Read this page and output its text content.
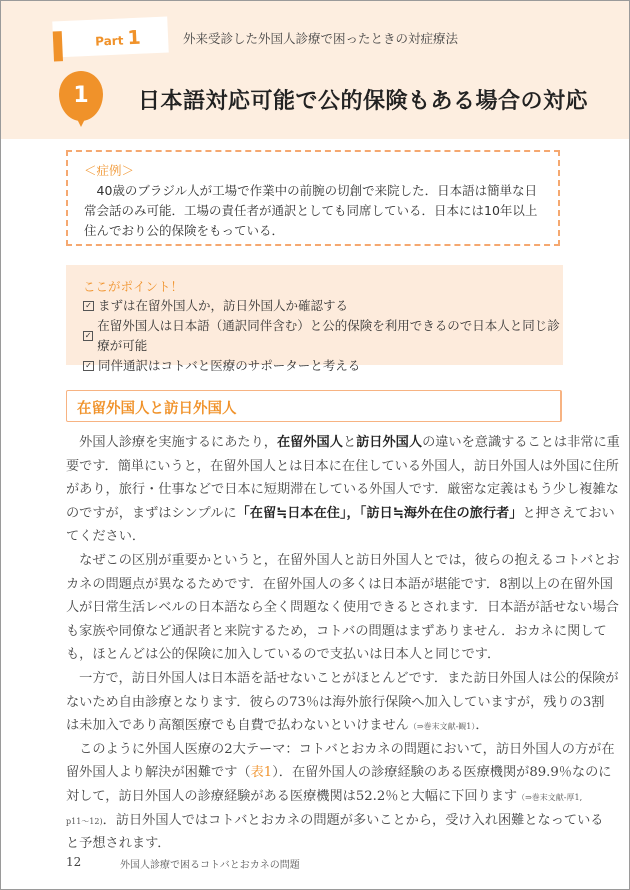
Part 1	外来受診した外国人診療で困ったときの対症療法
1	日本語対応可能で公的保険もある場合の対応
＜症例＞
　40歳のブラジル人が工場で作業中の前腕の切創で来院した．日本語は簡単な日常会話のみ可能．工場の責任者が通訳としても同席している．日本には10年以上住んでおり公的保険をもっている．
ここがポイント！
✓ まずは在留外国人か，訪日外国人か確認する
✓
在留外国人は日本語（通訳同伴含む）と公的保険を利用できるので日本人と同じ診療が可能
✓ 同伴通訳はコトバと医療のサポーターと考える
在留外国人と訪日外国人
　外国人診療を実施するにあたり，在留外国人と訪日外国人の違いを意識することは非常に重
要です．簡単にいうと，在留外国人とは日本に在住している外国人，訪日外国人は外国に住所
があり，旅行・仕事などで日本に短期滞在している外国人です．厳密な定義はもう少し複雑な
のですが，まずはシンプルに「在留≒日本在住」，「訪日≒海外在住の旅行者」と押さえておい
てください．
　なぜこの区別が重要かというと，在留外国人と訪日外国人とでは，彼らの抱えるコトバとお
カネの問題点が異なるためです．在留外国人の多くは日本語が堪能です．8割以上の在留外国
人が日常生活レベルの日本語なら全く問題なく使用できるとされます．日本語が話せない場合
も家族や同僚など通訳者と来院するため，コトバの問題はまずありません．おカネに関して
も，ほとんどは公的保険に加入しているので支払いは日本人と同じです．
　一方で，訪日外国人は日本語を話せないことがほとんどです．また訪日外国人は公的保険が
ないため自由診療となります．彼らの73％は海外旅行保険へ加入していますが，残りの3割
は未加入であり高額医療でも自費で払わないといけません（⇒巻末文献-観1）．
　このように外国人医療の2大テーマ：コトバとおカネの問題において，訪日外国人の方が在
留外国人より解決が困難です（表1）．在留外国人の診療経験のある医療機関が89.9％なのに
対して，訪日外国人の診療経験がある医療機関は52.2％と大幅に下回ります（⇒巻末文献-厚1,
p11〜12)．訪日外国人ではコトバとおカネの問題が多いことから，受け入れ困難となっている
と予想されます．
12	外国人診療で困るコトバとおカネの問題
